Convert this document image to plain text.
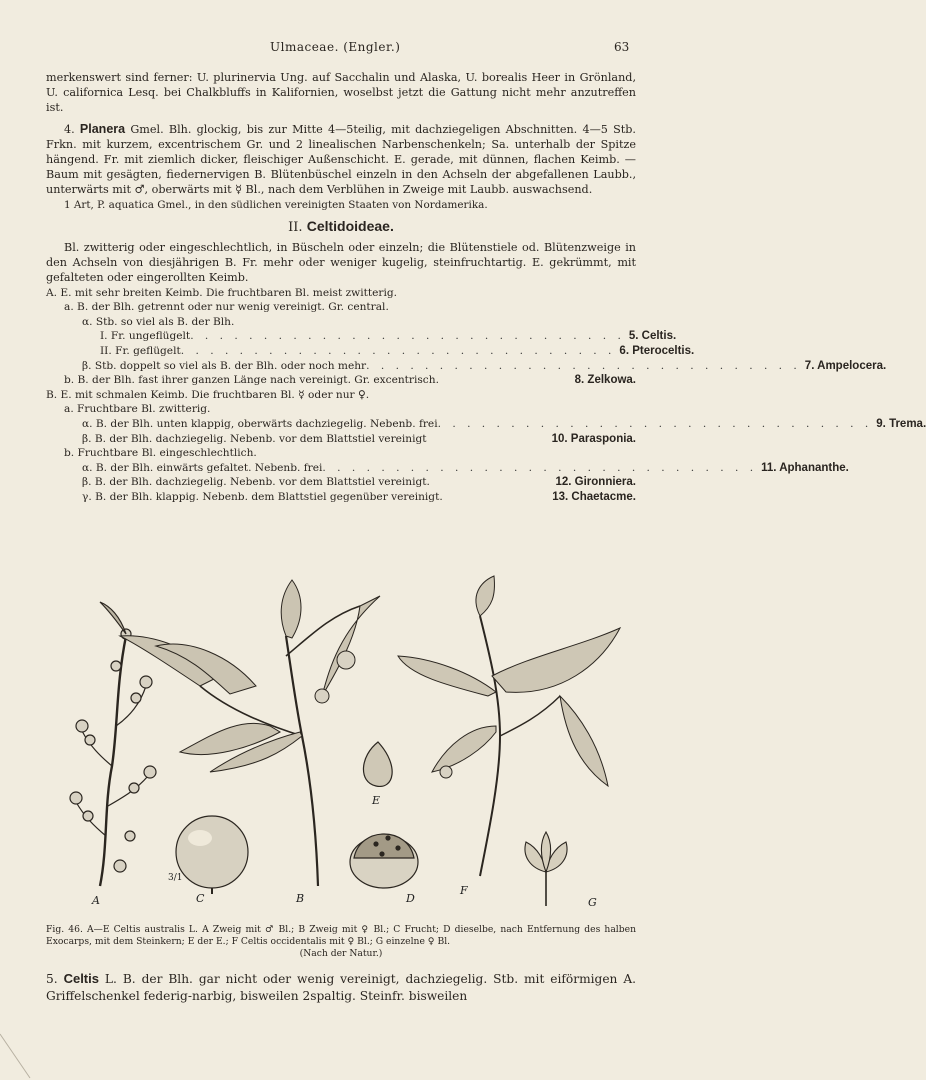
Ulmaceae. (Engler.)	63

merkenswert sind ferner: U. plurinervia Ung. auf Sacchalin und Alaska, U. borealis Heer in Grönland, U. californica Lesq. bei Chalkbluffs in Kalifornien, woselbst jetzt die Gattung nicht mehr anzutreffen ist.

4. Planera Gmel. Blh. glockig, bis zur Mitte 4—5teilig, mit dachziegeligen Abschnitten. 4—5 Stb. Frkn. mit kurzem, excentrischem Gr. und 2 linealischen Narbenschenkeln; Sa. unterhalb der Spitze hängend. Fr. mit ziemlich dicker, fleischiger Außenschicht. E. gerade, mit dünnen, flachen Keimb. — Baum mit gesägten, fiedernervigen B. Blütenbüschel einzeln in den Achseln der abgefallenen Laubb., unterwärts mit ♂, oberwärts mit ☿ Bl., nach dem Verblühen in Zweige mit Laubb. auswachsend.

1 Art, P. aquatica Gmel., in den südlichen vereinigten Staaten von Nordamerika.

II. Celtidoideae.

Bl. zwitterig oder eingeschlechtlich, in Büscheln oder einzeln; die Blütenstiele od. Blütenzweige in den Achseln von diesjährigen B. Fr. mehr oder weniger kugelig, steinfruchtartig. E. gekrümmt, mit gefalteten oder eingerollten Keimb.

A. E. mit sehr breiten Keimb. Die fruchtbaren Bl. meist zwitterig.
a. B. der Blh. getrennt oder nur wenig vereinigt. Gr. central.
α. Stb. so viel als B. der Blh.
I. Fr. ungeflügelt . . . . . . . . . . . . . . . . . . . . . . . . . . . . . . 5. Celtis.
II. Fr. geflügelt . . . . . . . . . . . . . . . . . . . . . . . . . . . . . . 6. Pteroceltis.
β. Stb. doppelt so viel als B. der Blh. oder noch mehr . . . . . . . . . . . . . . . . . . . . . . . . . . . . . . 7. Ampelocera.
b. B. der Blh. fast ihrer ganzen Länge nach vereinigt. Gr. excentrisch.	8. Zelkowa.
B. E. mit schmalen Keimb. Die fruchtbaren Bl. ☿ oder nur ♀.
a. Fruchtbare Bl. zwitterig.
α. B. der Blh. unten klappig, oberwärts dachziegelig. Nebenb. frei . . . . . . . . . . . . . . . . . . . . . . . . . . . . . . 9. Trema.
β. B. der Blh. dachziegelig. Nebenb. vor dem Blattstiel vereinigt	10. Parasponia.
b. Fruchtbare Bl. eingeschlechtlich.
α. B. der Blh. einwärts gefaltet. Nebenb. frei . . . . . . . . . . . . . . . . . . . . . . . . . . . . . . 11. Aphananthe.
β. B. der Blh. dachziegelig. Nebenb. vor dem Blattstiel vereinigt.	12. Gironniera.
γ. B. der Blh. klappig. Nebenb. dem Blattstiel gegenüber vereinigt.	13. Chaetacme.
A	B
C
3/1
E
D
F
G
Fig. 46. A—E Celtis australis L. A Zweig mit ♂ Bl.; B Zweig mit ♀ Bl.; C Frucht; D dieselbe, nach Entfernung des halben Exocarps, mit dem Steinkern; E der E.; F Celtis occidentalis mit ♀ Bl.; G einzelne ♀ Bl.
(Nach der Natur.)
5. Celtis L. B. der Blh. gar nicht oder wenig vereinigt, dachziegelig. Stb. mit eiförmigen A. Griffelschenkel federig-narbig, bisweilen 2spaltig. Steinfr. bisweilen
